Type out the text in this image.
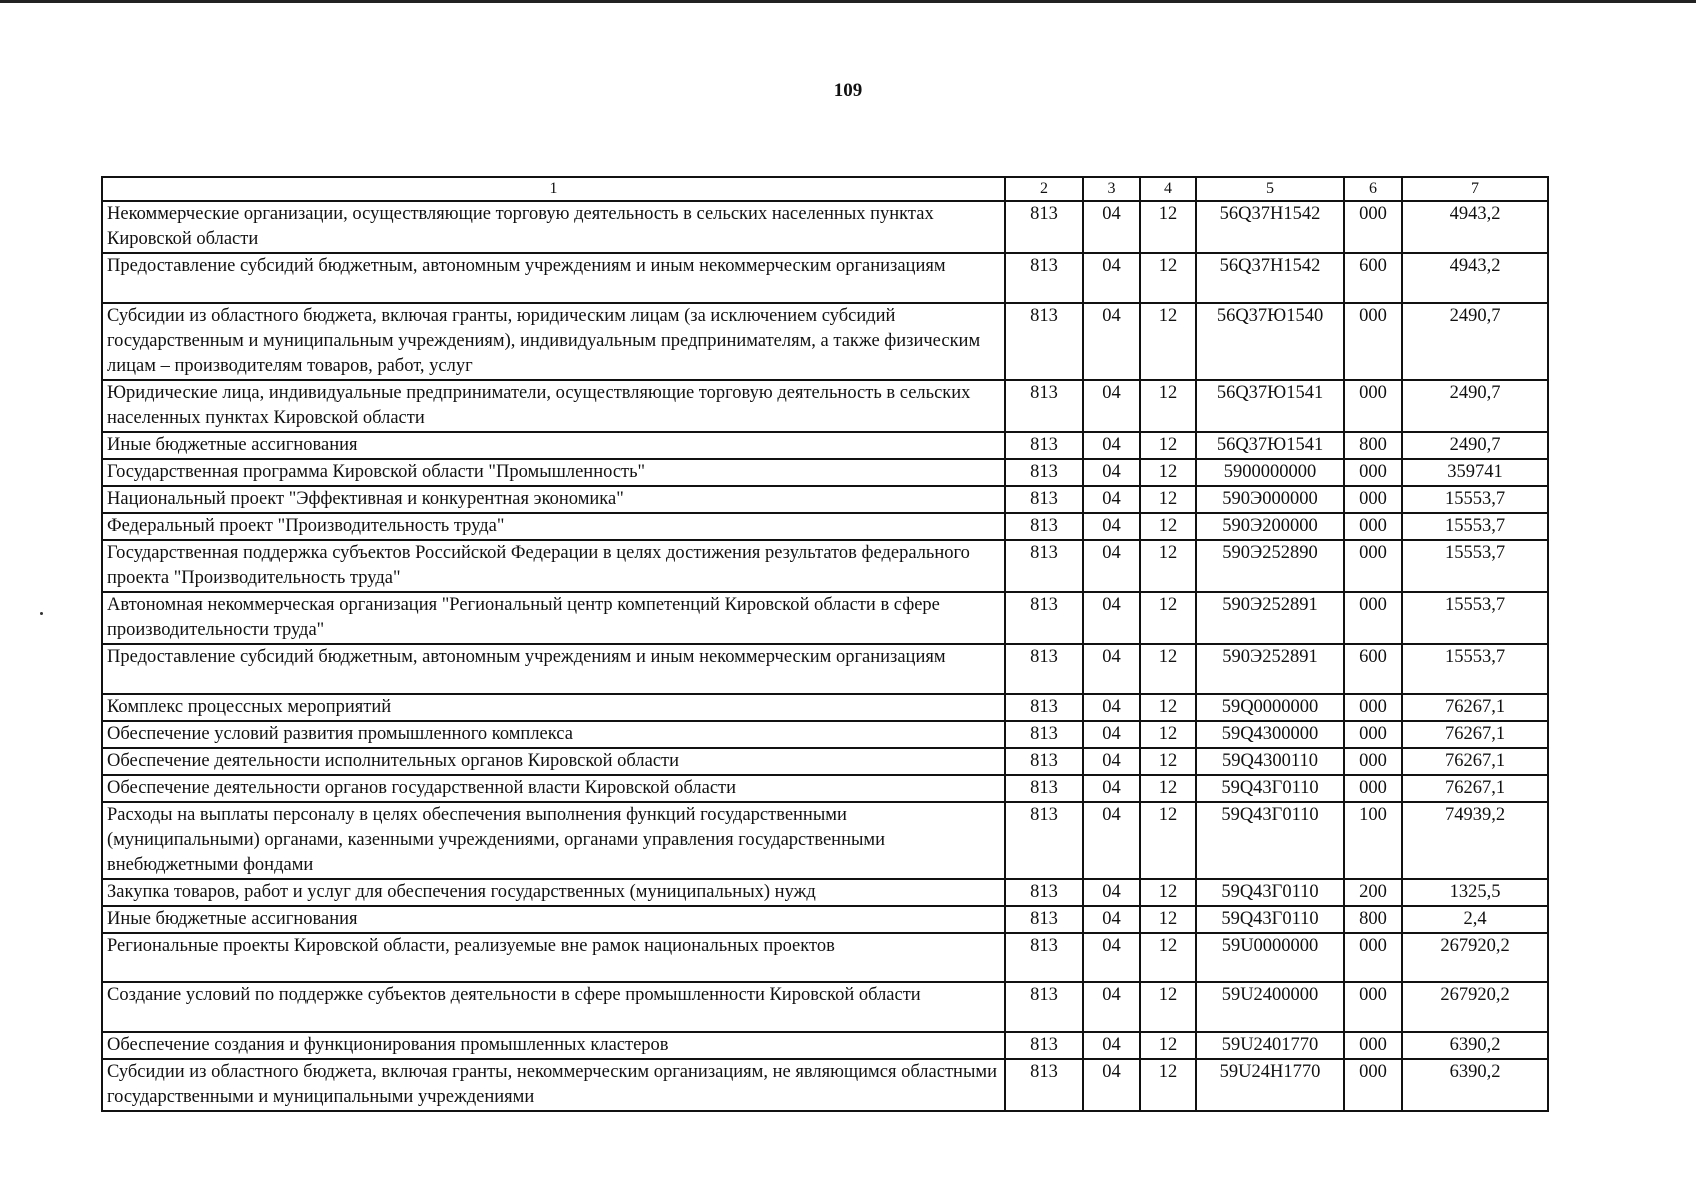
109
1	2	3	4	5	6	7
Некоммерческие организации, осуществляющие торговую деятельность в сельских населенных пунктах Кировской области	813	04	12	56Q37H1542	000	4943,2
Предоставление субсидий бюджетным, автономным учреждениям и иным некоммерческим организациям	813	04	12	56Q37H1542	600	4943,2
Субсидии из областного бюджета, включая гранты, юридическим лицам (за исключением субсидий государственным и муниципальным учреждениям), индивидуальным предпринимателям, а также физическим лицам – производителям товаров, работ, услуг	813	04	12	56Q37Ю1540	000	2490,7
Юридические лица, индивидуальные предприниматели, осуществляющие торговую деятельность в сельских населенных пунктах Кировской области	813	04	12	56Q37Ю1541	000	2490,7
Иные бюджетные ассигнования	813	04	12	56Q37Ю1541	800	2490,7
Государственная программа Кировской области "Промышленность"	813	04	12	5900000000	000	359741
Национальный проект "Эффективная и конкурентная экономика"	813	04	12	590Э000000	000	15553,7
Федеральный проект "Производительность труда"	813	04	12	590Э200000	000	15553,7
Государственная поддержка субъектов Российской Федерации в целях достижения результатов федерального проекта "Производительность труда"	813	04	12	590Э252890	000	15553,7
Автономная некоммерческая организация "Региональный центр компетенций Кировской области в сфере производительности труда"	813	04	12	590Э252891	000	15553,7
Предоставление субсидий бюджетным, автономным учреждениям и иным некоммерческим организациям	813	04	12	590Э252891	600	15553,7
Комплекс процессных мероприятий	813	04	12	59Q0000000	000	76267,1
Обеспечение условий развития промышленного комплекса	813	04	12	59Q4300000	000	76267,1
Обеспечение деятельности исполнительных органов Кировской области	813	04	12	59Q4300110	000	76267,1
Обеспечение деятельности органов государственной власти Кировской области	813	04	12	59Q43Г0110	000	76267,1
Расходы на выплаты персоналу в целях обеспечения выполнения функций государственными (муниципальными) органами, казенными учреждениями, органами управления государственными внебюджетными фондами	813	04	12	59Q43Г0110	100	74939,2
Закупка товаров, работ и услуг для обеспечения государственных (муниципальных) нужд	813	04	12	59Q43Г0110	200	1325,5
Иные бюджетные ассигнования	813	04	12	59Q43Г0110	800	2,4
Региональные проекты Кировской области, реализуемые вне рамок национальных проектов	813	04	12	59U0000000	000	267920,2
Создание условий по поддержке субъектов деятельности в сфере промышленности Кировской области	813	04	12	59U2400000	000	267920,2
Обеспечение создания и функционирования промышленных кластеров	813	04	12	59U2401770	000	6390,2
Субсидии из областного бюджета, включая гранты, некоммерческим организациям, не являющимся областными государственными и муниципальными учреждениями	813	04	12	59U24H1770	000	6390,2
